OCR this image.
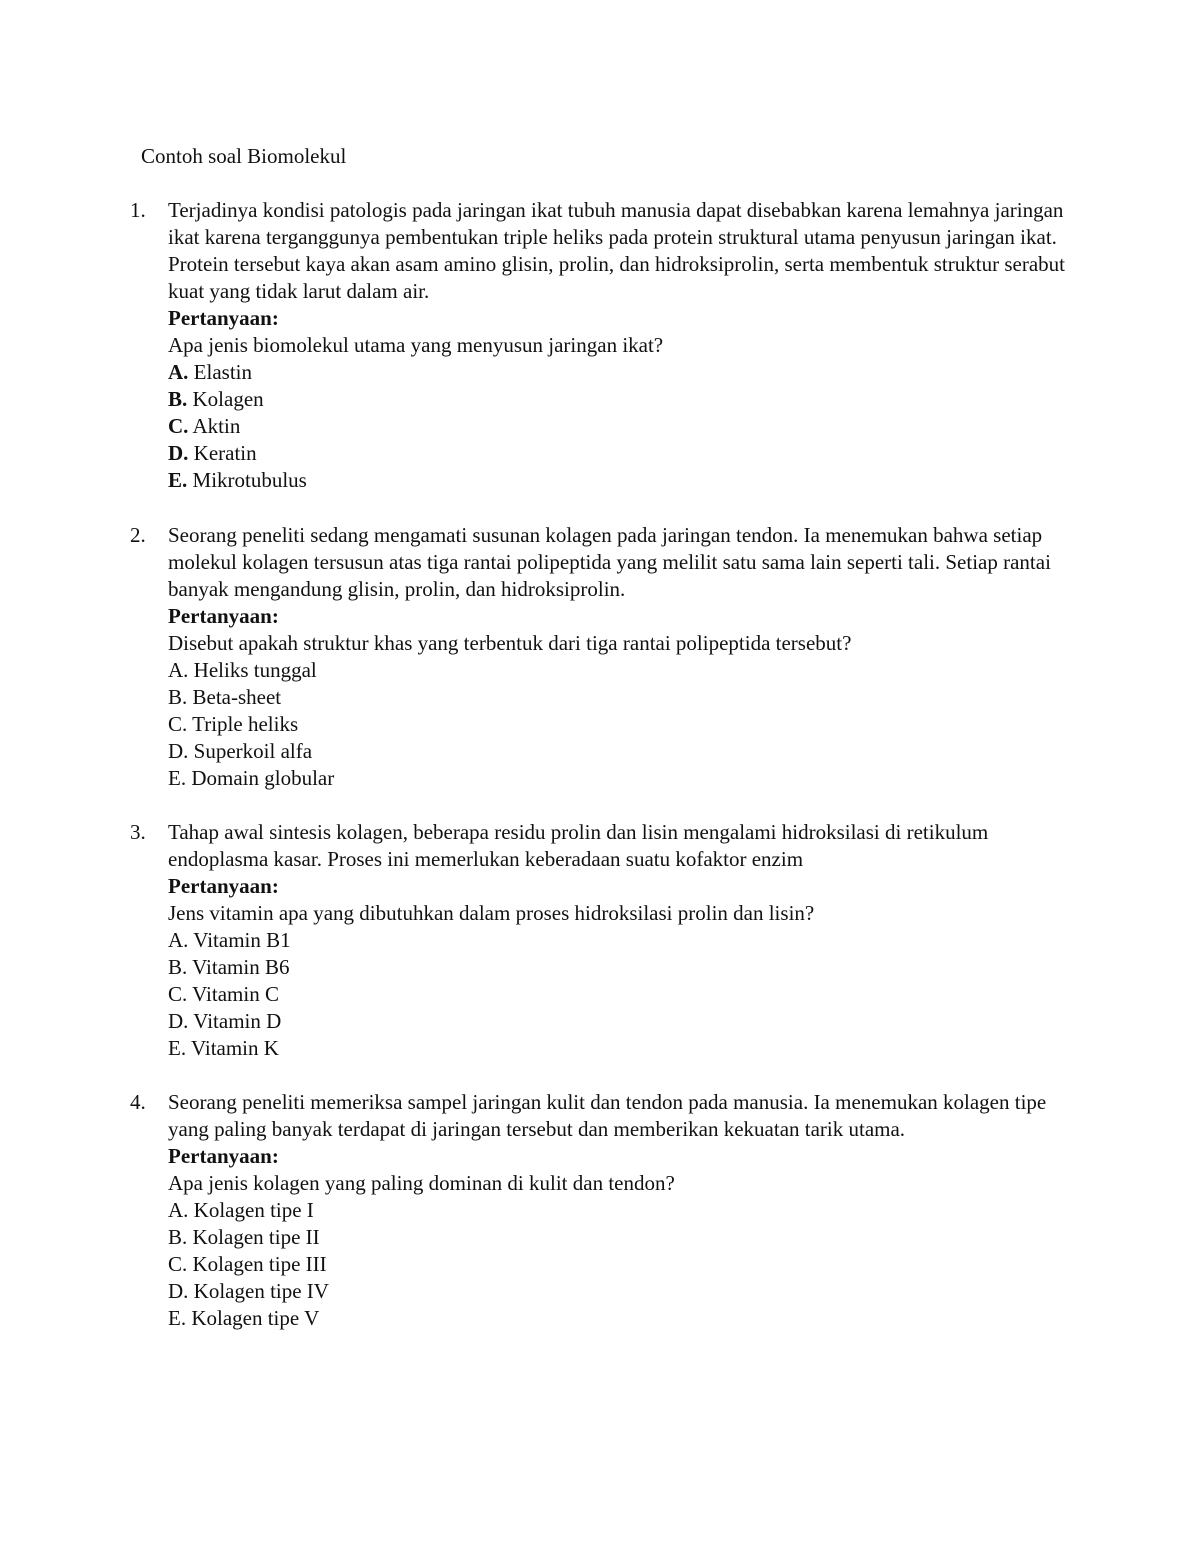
Contoh soal Biomolekul
1.	Terjadinya kondisi patologis pada jaringan ikat tubuh manusia dapat disebabkan karena lemahnya jaringan ikat karena terganggunya pembentukan triple heliks pada protein struktural utama penyusun jaringan ikat. Protein tersebut kaya akan asam amino glisin, prolin, dan hidroksiprolin, serta membentuk struktur serabut kuat yang tidak larut dalam air.

Pertanyaan:

Apa jenis biomolekul utama yang menyusun jaringan ikat?

A. Elastin
B. Kolagen
C. Aktin
D. Keratin
E. Mikrotubulus
2.	Seorang peneliti sedang mengamati susunan kolagen pada jaringan tendon. Ia menemukan bahwa setiap molekul kolagen tersusun atas tiga rantai polipeptida yang melilit satu sama lain seperti tali. Setiap rantai banyak mengandung glisin, prolin, dan hidroksiprolin.

Pertanyaan:

Disebut apakah struktur khas yang terbentuk dari tiga rantai polipeptida tersebut?

A. Heliks tunggal
B. Beta-sheet
C. Triple heliks
D. Superkoil alfa
E. Domain globular
3.	Tahap awal sintesis kolagen, beberapa residu prolin dan lisin mengalami hidroksilasi di retikulum endoplasma kasar. Proses ini memerlukan keberadaan suatu kofaktor enzim

Pertanyaan:

Jens vitamin apa yang dibutuhkan dalam proses hidroksilasi prolin dan lisin?

A. Vitamin B1
B. Vitamin B6
C. Vitamin C
D. Vitamin D
E. Vitamin K
4.	Seorang peneliti memeriksa sampel jaringan kulit dan tendon pada manusia. Ia menemukan kolagen tipe yang paling banyak terdapat di jaringan tersebut dan memberikan kekuatan tarik utama.

Pertanyaan:

Apa jenis kolagen yang paling dominan di kulit dan tendon?

A. Kolagen tipe I
B. Kolagen tipe II
C. Kolagen tipe III
D. Kolagen tipe IV
E. Kolagen tipe V
